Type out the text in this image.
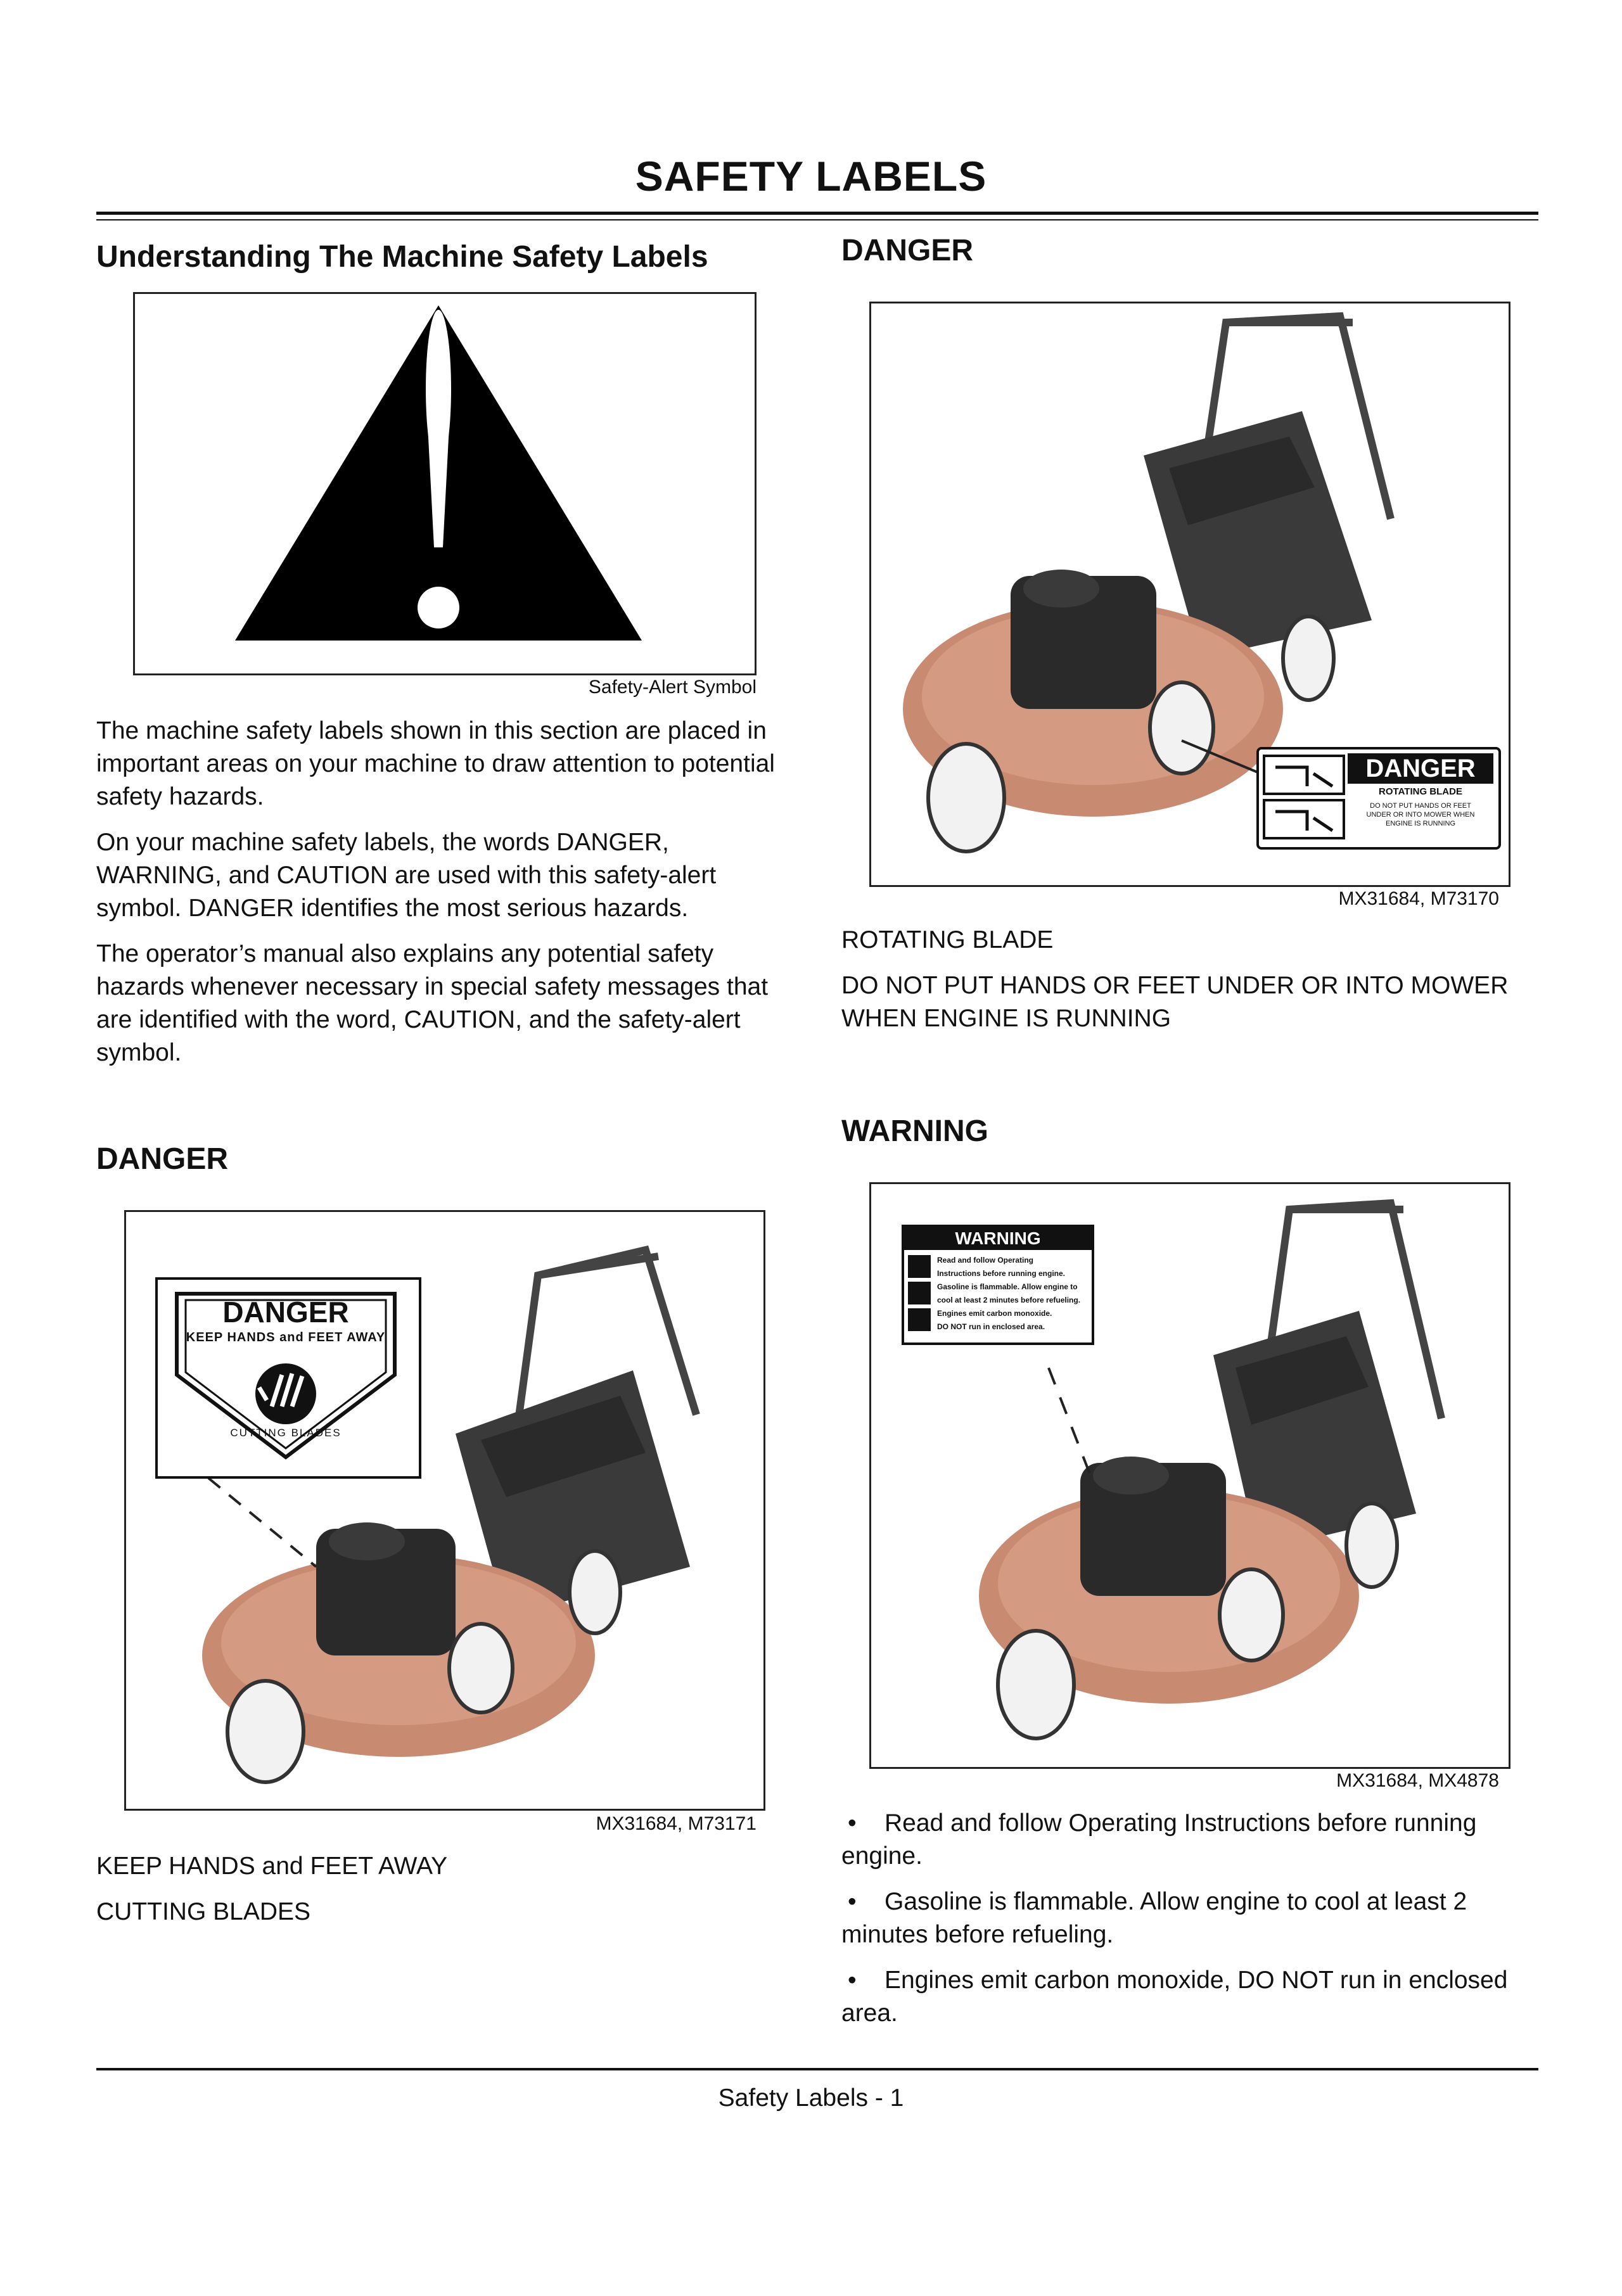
SAFETY LABELS
Understanding The Machine Safety Labels
Safety-Alert Symbol

The machine safety labels shown in this section are placed in important areas on your machine to draw attention to potential safety hazards.

On your machine safety labels, the words DANGER, WARNING, and CAUTION are used with this safety-alert symbol. DANGER identifies the most serious hazards.

The operator’s manual also explains any potential safety hazards whenever necessary in special safety messages that are identified with the word, CAUTION, and the safety-alert symbol.

DANGER
DANGER
KEEP HANDS and FEET AWAY
CUTTING BLADES
MX31684, M73171

KEEP HANDS and FEET AWAY

CUTTING BLADES

DANGER
DANGER
ROTATING BLADE
DO NOT PUT HANDS OR FEET
UNDER OR INTO MOWER WHEN
ENGINE IS RUNNING
MX31684, M73170

ROTATING BLADE

DO NOT PUT HANDS OR FEET UNDER OR INTO MOWER WHEN ENGINE IS RUNNING

WARNING
WARNING
Read and follow Operating
Instructions before running engine.
Gasoline is flammable. Allow engine to
cool at least 2 minutes before refueling.
Engines emit carbon monoxide.
DO NOT run in enclosed area.
MX31684, MX4878

• Read and follow Operating Instructions before running engine.

• Gasoline is flammable. Allow engine to cool at least 2 minutes before refueling.

• Engines emit carbon monoxide, DO NOT run in enclosed area.

Safety Labels - 1
